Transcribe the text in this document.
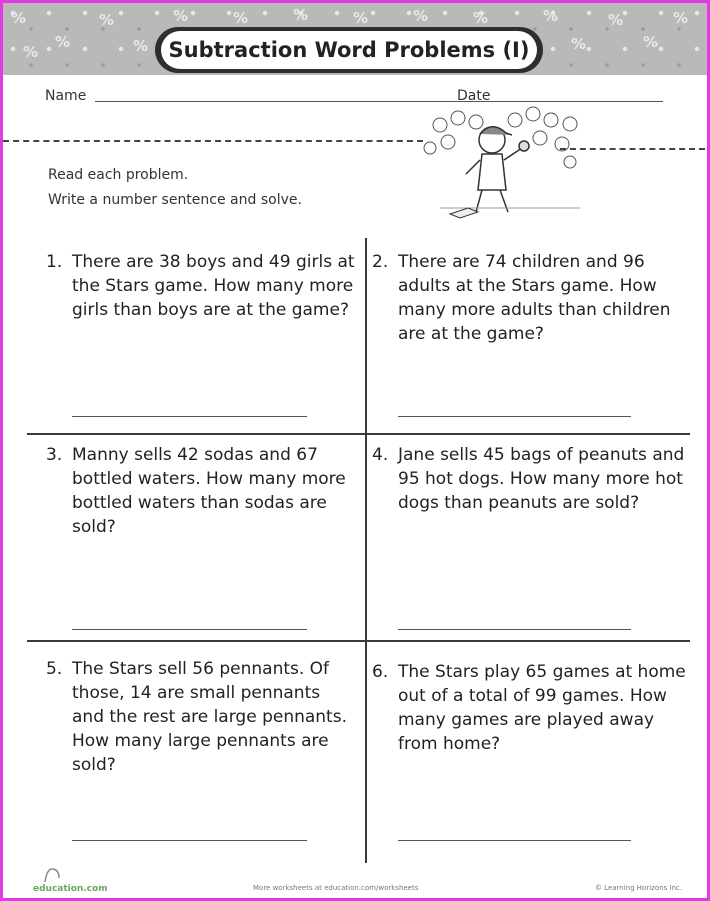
%
%
%
%
%	%	%	%	%	%	%
%
%
%
%
%	Subtraction Word Problems (I)
Name	Date
Read each problem.
Write a number sentence and solve.
1. There are 38 boys and 49 girls at the Stars game. How many more girls than boys are at the game?
2. There are 74 children and 96 adults at the Stars game. How many more adults than children are at the game?
3. Manny sells 42 sodas and 67 bottled waters. How many more bottled waters than sodas are sold?
4. Jane sells 45 bags of peanuts and 95 hot dogs. How many more hot dogs than peanuts are sold?
5. The Stars sell 56 pennants. Of those, 14 are small pennants and the rest are large pennants. How many large pennants are sold?
6. The Stars play 65 games at home out of a total of 99 games. How many games are played away from home?
education.com	More worksheets at education.com/worksheets	© Learning Horizons Inc.
